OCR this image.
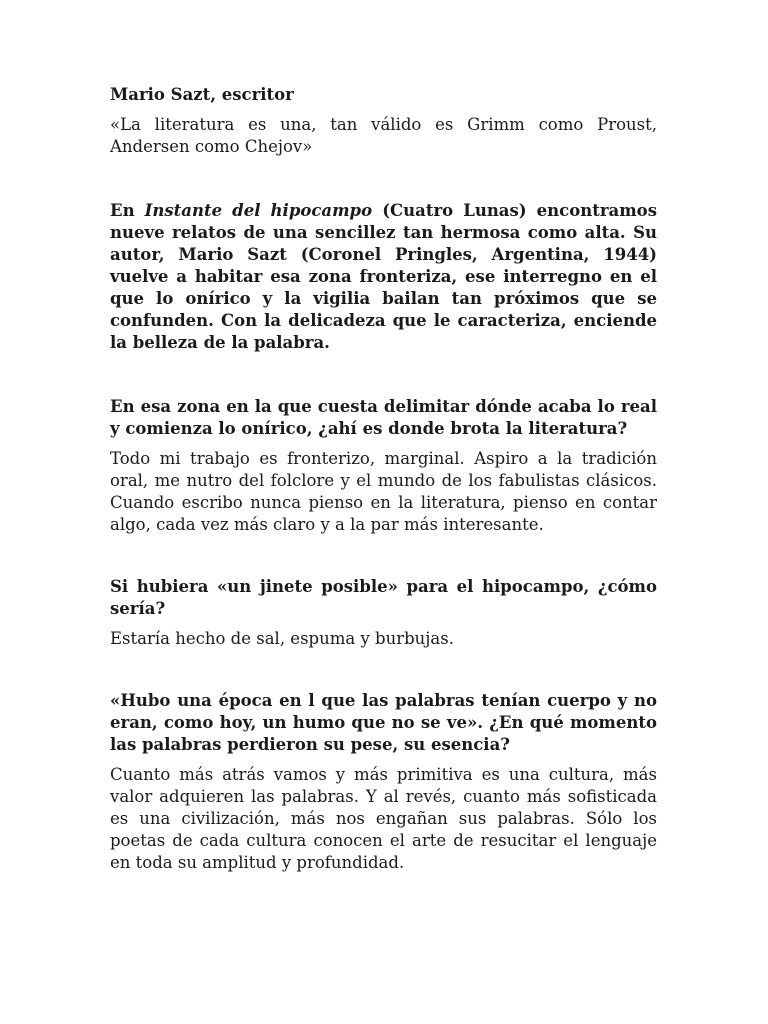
Mario Sazt, escritor

«La literatura es una, tan válido es Grimm como Proust, Andersen como Chejov»

En Instante del hipocampo (Cuatro Lunas) encontramos nueve relatos de una sencillez tan hermosa como alta. Su autor, Mario Sazt (Coronel Pringles, Argentina, 1944) vuelve a habitar esa zona fronteriza, ese interregno en el que lo onírico y la vigilia bailan tan próximos que se confunden. Con la delicadeza que le caracteriza, enciende la belleza de la palabra.

En esa zona en la que cuesta delimitar dónde acaba lo real y comienza lo onírico, ¿ahí es donde brota la literatura?

Todo mi trabajo es fronterizo, marginal. Aspiro a la tradición oral, me nutro del folclore y el mundo de los fabulistas clásicos. Cuando escribo nunca pienso en la literatura, pienso en contar algo, cada vez más claro y a la par más interesante.

Si hubiera «un jinete posible» para el hipocampo, ¿cómo sería?

Estaría hecho de sal, espuma y burbujas.

«Hubo una época en l que las palabras tenían cuerpo y no eran, como hoy, un humo que no se ve». ¿En qué momento las palabras perdieron su pese, su esencia?

Cuanto más atrás vamos y más primitiva es una cultura, más valor adquieren las palabras. Y al revés, cuanto más sofisticada es una civilización, más nos engañan sus palabras. Sólo los poetas de cada cultura conocen el arte de resucitar el lenguaje en toda su amplitud y profundidad.
